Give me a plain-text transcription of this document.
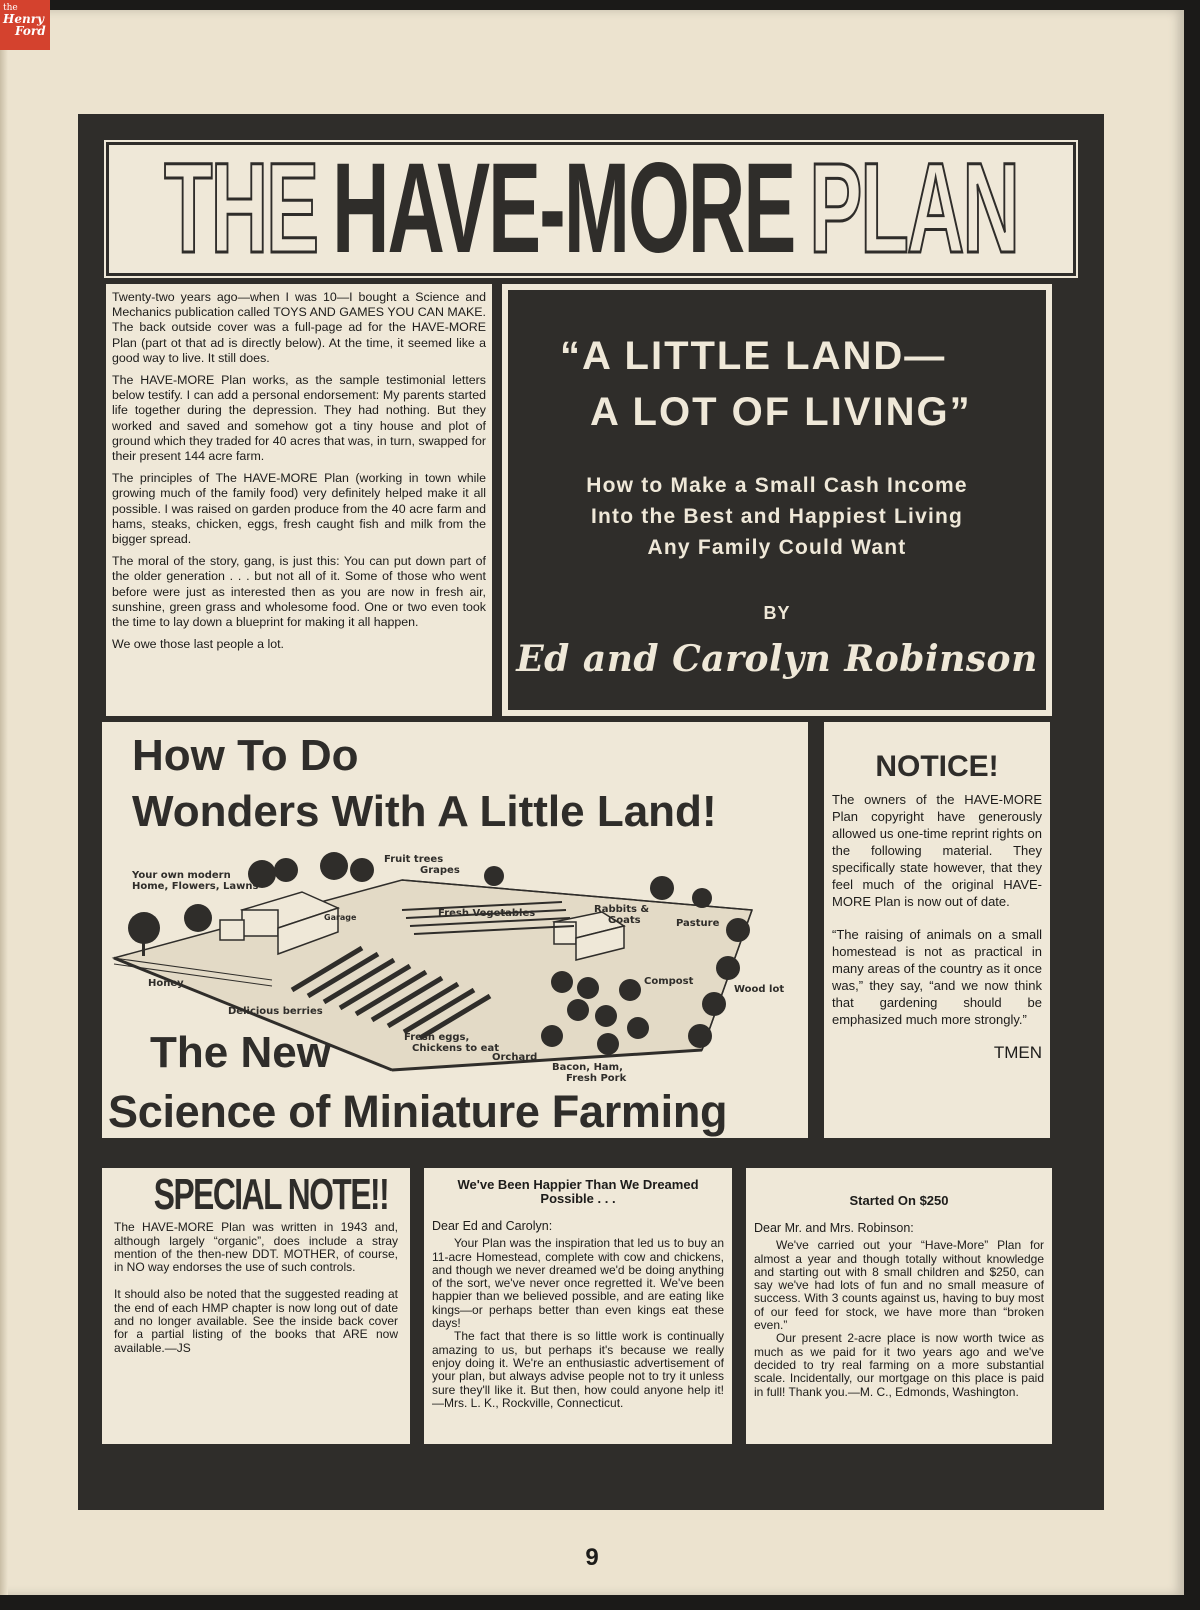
THE HAVE-MORE PLAN

Twenty-two years ago—when I was 10—I bought a Science and Mechanics publication called TOYS AND GAMES YOU CAN MAKE. The back outside cover was a full-page ad for the HAVE-MORE Plan (part ot that ad is directly below). At the time, it seemed like a good way to live. It still does.

The HAVE-MORE Plan works, as the sample testimonial letters below testify. I can add a personal endorsement: My parents started life together during the depression. They had nothing. But they worked and saved and somehow got a tiny house and plot of ground which they traded for 40 acres that was, in turn, swapped for their present 144 acre farm.

The principles of The HAVE-MORE Plan (working in town while growing much of the family food) very definitely helped make it all possible. I was raised on garden produce from the 40 acre farm and hams, steaks, chicken, eggs, fresh caught fish and milk from the bigger spread.

The moral of the story, gang, is just this: You can put down part of the older generation . . . but not all of it. Some of those who went before were just as interested then as you are now in fresh air, sunshine, green grass and wholesome food. One or two even took the time to lay down a blueprint for making it all happen.

We owe those last people a lot.

“A LITTLE LAND—
A LOT OF LIVING”
How to Make a Small Cash Income
Into the Best and Happiest Living
Any Family Could Want
BY
Ed and Carolyn Robinson
How To Do
Wonders With A Little Land!
Your own modern
Home, Flowers, Lawns
Fruit trees
Grapes
Garage	Fresh Vegetables	Rabbits &
Goats	Pasture
Honey	Compost
Wood lot
Delicious berries
Fresh eggs,
Chickens to eat
Orchard
Bacon, Ham,
Fresh Pork
The New
Science of Miniature Farming
NOTICE!

The owners of the HAVE-MORE Plan copyright have generously allowed us one-time reprint rights on the following material. They specifically state however, that they feel much of the original HAVE-MORE Plan is now out of date.

“The raising of animals on a small homestead is not as practical in many areas of the country as it once was,” they say, “and we now think that gardening should be emphasized much more strongly.”

TMEN
SPECIAL NOTE!!

The HAVE-MORE Plan was written in 1943 and, although largely “organic”, does include a stray mention of the then-new DDT. MOTHER, of course, in NO way endorses the use of such controls.

It should also be noted that the suggested reading at the end of each HMP chapter is now long out of date and no longer available. See the inside back cover for a partial listing of the books that ARE now available.—JS

We've Been Happier Than We Dreamed Possible . . .
Dear Ed and Carolyn:

Your Plan was the inspiration that led us to buy an 11-acre Homestead, complete with cow and chickens, and though we never dreamed we'd be doing anything of the sort, we've never once regretted it. We've been happier than we believed possible, and are eating like kings—or perhaps better than even kings eat these days!

The fact that there is so little work is continually amazing to us, but perhaps it's because we really enjoy doing it. We're an enthusiastic advertisement of your plan, but always advise people not to try it unless sure they'll like it. But then, how could anyone help it!—Mrs. L. K., Rockville, Connecticut.

Started On $250
Dear Mr. and Mrs. Robinson:

We've carried out your “Have-More” Plan for almost a year and though totally without knowledge and starting out with 8 small children and $250, can say we've had lots of fun and no small measure of success. With 3 counts against us, having to buy most of our feed for stock, we have more than “broken even.”

Our present 2-acre place is now worth twice as much as we paid for it two years ago and we've decided to try real farming on a more substantial scale. Incidentally, our mortgage on this place is paid in full! Thank you.—M. C., Edmonds, Washington.

9
the
Henry
Ford
